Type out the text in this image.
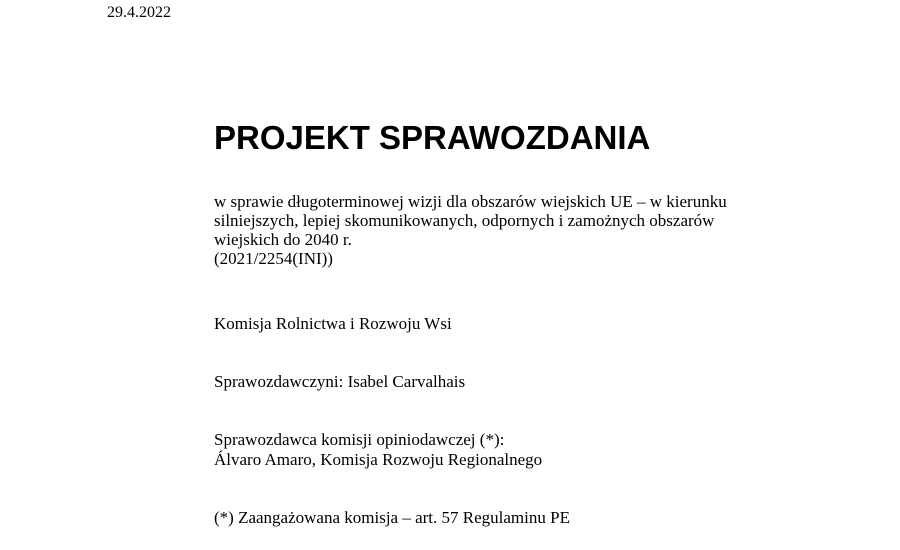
29.4.2022
PROJEKT SPRAWOZDANIA
w sprawie długoterminowej wizji dla obszarów wiejskich UE – w kierunku
silniejszych, lepiej skomunikowanych, odpornych i zamożnych obszarów
wiejskich do 2040 r.
(2021/2254(INI))
Komisja Rolnictwa i Rozwoju Wsi
Sprawozdawczyni: Isabel Carvalhais
Sprawozdawca komisji opiniodawczej (*):
Álvaro Amaro, Komisja Rozwoju Regionalnego
(*) Zaangażowana komisja – art. 57 Regulaminu PE
